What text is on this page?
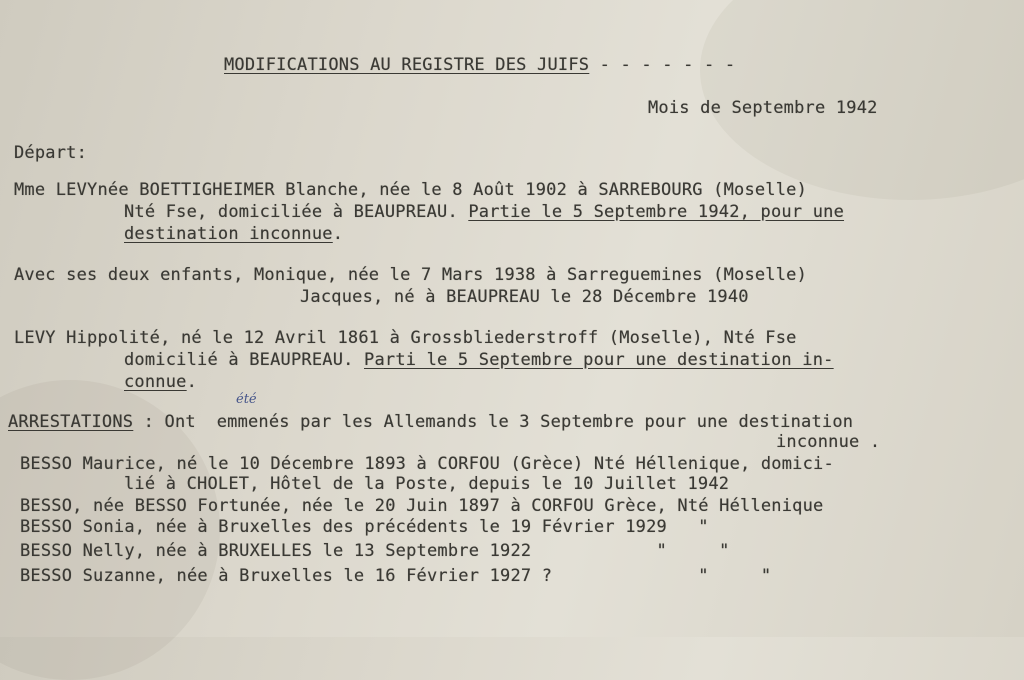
MODIFICATIONS AU REGISTRE DES JUIFS - - - - - - -
Mois de Septembre 1942
Départ:
Mme LEVYnée BOETTIGHEIMER Blanche, née le 8 Août 1902 à SARREBOURG (Moselle)
Nté Fse, domiciliée à BEAUPREAU. Partie le 5 Septembre 1942, pour une
destination inconnue.
Avec ses deux enfants, Monique, née le 7 Mars 1938 à Sarreguemines (Moselle)
Jacques, né à BEAUPREAU le 28 Décembre 1940
LEVY Hippolité, né le 12 Avril 1861 à Grossbliederstroff (Moselle), Nté Fse
domicilié à BEAUPREAU. Parti le 5 Septembre pour une destination in-
connue.
été
ARRESTATIONS : Ont  emmenés par les Allemands le 3 Septembre pour une destination
inconnue .
BESSO Maurice, né le 10 Décembre 1893 à CORFOU (Grèce) Nté Héllenique, domici-
lié à CHOLET, Hôtel de la Poste, depuis le 10 Juillet 1942
BESSO, née BESSO Fortunée, née le 20 Juin 1897 à CORFOU Grèce, Nté Héllenique
BESSO Sonia, née à Bruxelles des précédents le 19 Février 1929   "
BESSO Nelly, née à BRUXELLES le 13 Septembre 1922            "     "
BESSO Suzanne, née à Bruxelles le 16 Février 1927 ?              "     "
